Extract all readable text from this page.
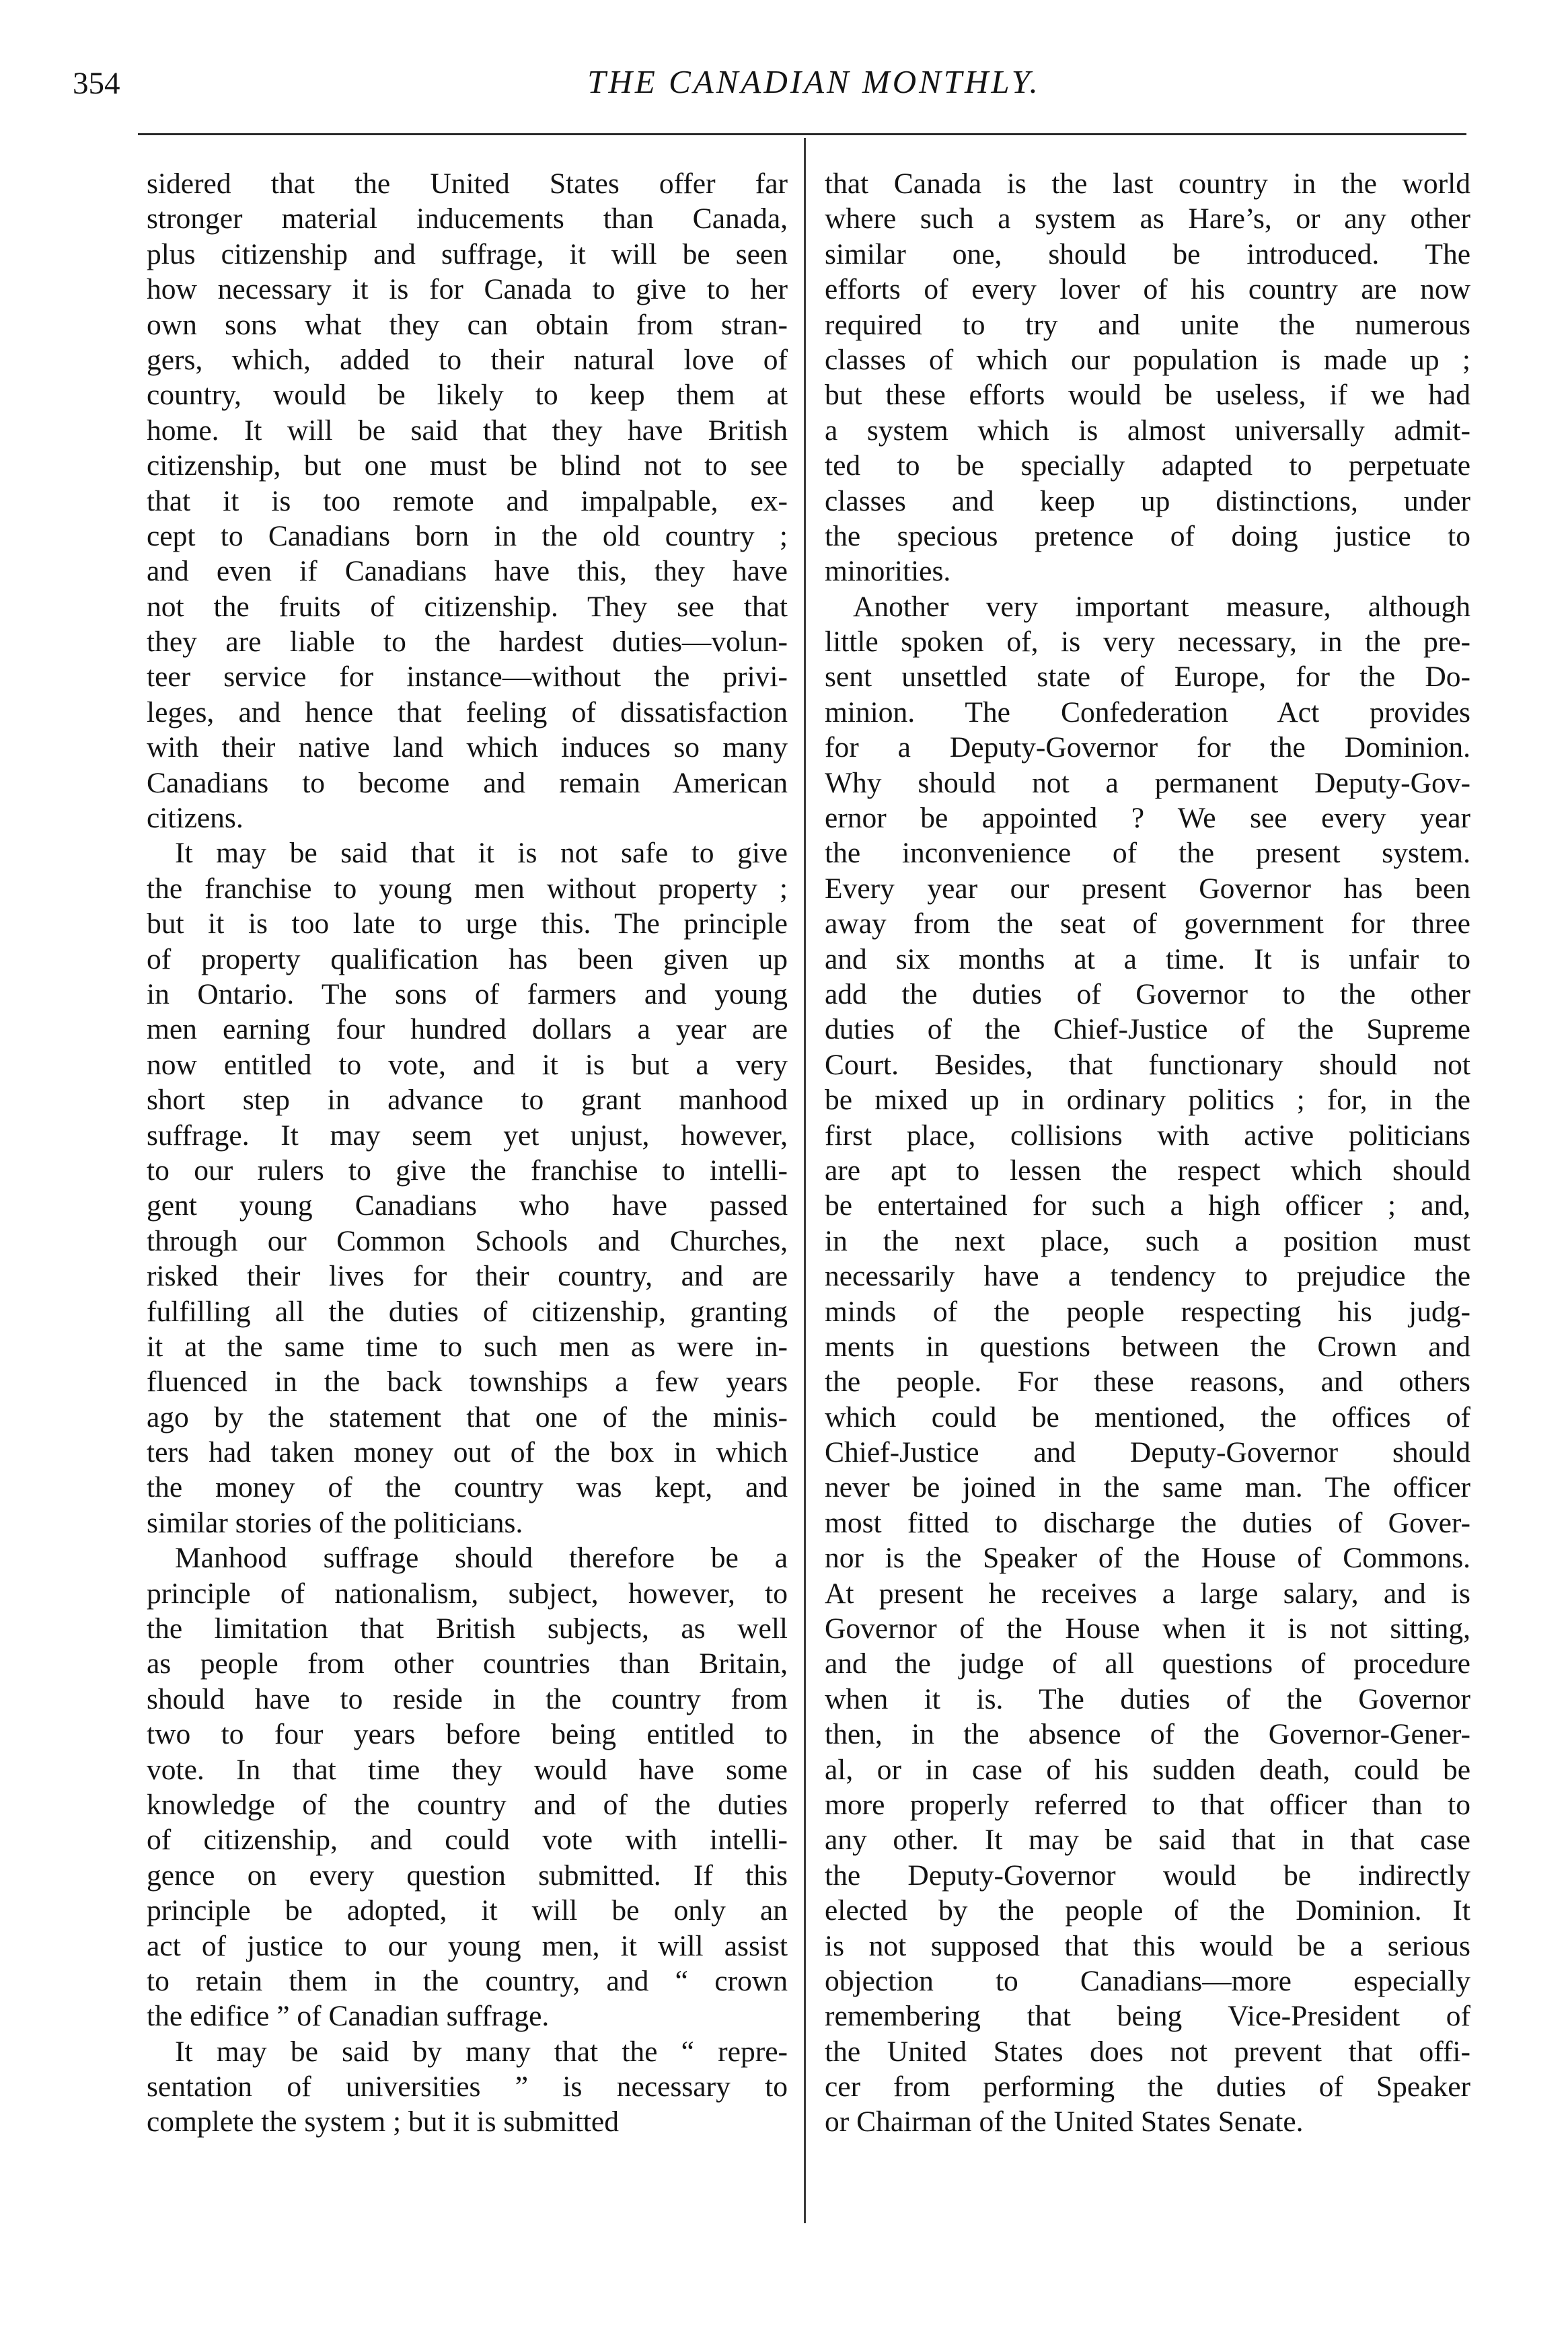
354	THE CANADIAN MONTHLY.

sidered that the United States offer far

stronger material inducements than Canada,

plus citizenship and suffrage, it will be seen

how necessary it is for Canada to give to her

own sons what they can obtain from stran-

gers, which, added to their natural love of

country, would be likely to keep them at

home. It will be said that they have British

citizenship, but one must be blind not to see

that it is too remote and impalpable, ex-

cept to Canadians born in the old country ;

and even if Canadians have this, they have

not the fruits of citizenship. They see that

they are liable to the hardest duties—volun-

teer service for instance—without the privi-

leges, and hence that feeling of dissatisfaction

with their native land which induces so many

Canadians to become and remain American

citizens.

It may be said that it is not safe to give

the franchise to young men without property ;

but it is too late to urge this. The principle

of property qualification has been given up

in Ontario. The sons of farmers and young

men earning four hundred dollars a year are

now entitled to vote, and it is but a very

short step in advance to grant manhood

suffrage. It may seem yet unjust, however,

to our rulers to give the franchise to intelli-

gent young Canadians who have passed

through our Common Schools and Churches,

risked their lives for their country, and are

fulfilling all the duties of citizenship, granting

it at the same time to such men as were in-

fluenced in the back townships a few years

ago by the statement that one of the minis-

ters had taken money out of the box in which

the money of the country was kept, and

similar stories of the politicians.

Manhood suffrage should therefore be a

principle of nationalism, subject, however, to

the limitation that British subjects, as well

as people from other countries than Britain,

should have to reside in the country from

two to four years before being entitled to

vote. In that time they would have some

knowledge of the country and of the duties

of citizenship, and could vote with intelli-

gence on every question submitted. If this

principle be adopted, it will be only an

act of justice to our young men, it will assist

to retain them in the country, and “ crown

the edifice ” of Canadian suffrage.

It may be said by many that the “ repre-

sentation of universities ” is necessary to

complete the system ; but it is submitted

that Canada is the last country in the world

where such a system as Hare’s, or any other

similar one, should be introduced. The

efforts of every lover of his country are now

required to try and unite the numerous

classes of which our population is made up ;

but these efforts would be useless, if we had

a system which is almost universally admit-

ted to be specially adapted to perpetuate

classes and keep up distinctions, under

the specious pretence of doing justice to

minorities.

Another very important measure, although

little spoken of, is very necessary, in the pre-

sent unsettled state of Europe, for the Do-

minion. The Confederation Act provides

for a Deputy-Governor for the Dominion.

Why should not a permanent Deputy-Gov-

ernor be appointed ? We see every year

the inconvenience of the present system.

Every year our present Governor has been

away from the seat of government for three

and six months at a time. It is unfair to

add the duties of Governor to the other

duties of the Chief-Justice of the Supreme

Court. Besides, that functionary should not

be mixed up in ordinary politics ; for, in the

first place, collisions with active politicians

are apt to lessen the respect which should

be entertained for such a high officer ; and,

in the next place, such a position must

necessarily have a tendency to prejudice the

minds of the people respecting his judg-

ments in questions between the Crown and

the people. For these reasons, and others

which could be mentioned, the offices of

Chief-Justice and Deputy-Governor should

never be joined in the same man. The officer

most fitted to discharge the duties of Gover-

nor is the Speaker of the House of Commons.

At present he receives a large salary, and is

Governor of the House when it is not sitting,

and the judge of all questions of procedure

when it is. The duties of the Governor

then, in the absence of the Governor-Gener-

al, or in case of his sudden death, could be

more properly referred to that officer than to

any other. It may be said that in that case

the Deputy-Governor would be indirectly

elected by the people of the Dominion. It

is not supposed that this would be a serious

objection to Canadians—more especially

remembering that being Vice-President of

the United States does not prevent that offi-

cer from performing the duties of Speaker

or Chairman of the United States Senate.
